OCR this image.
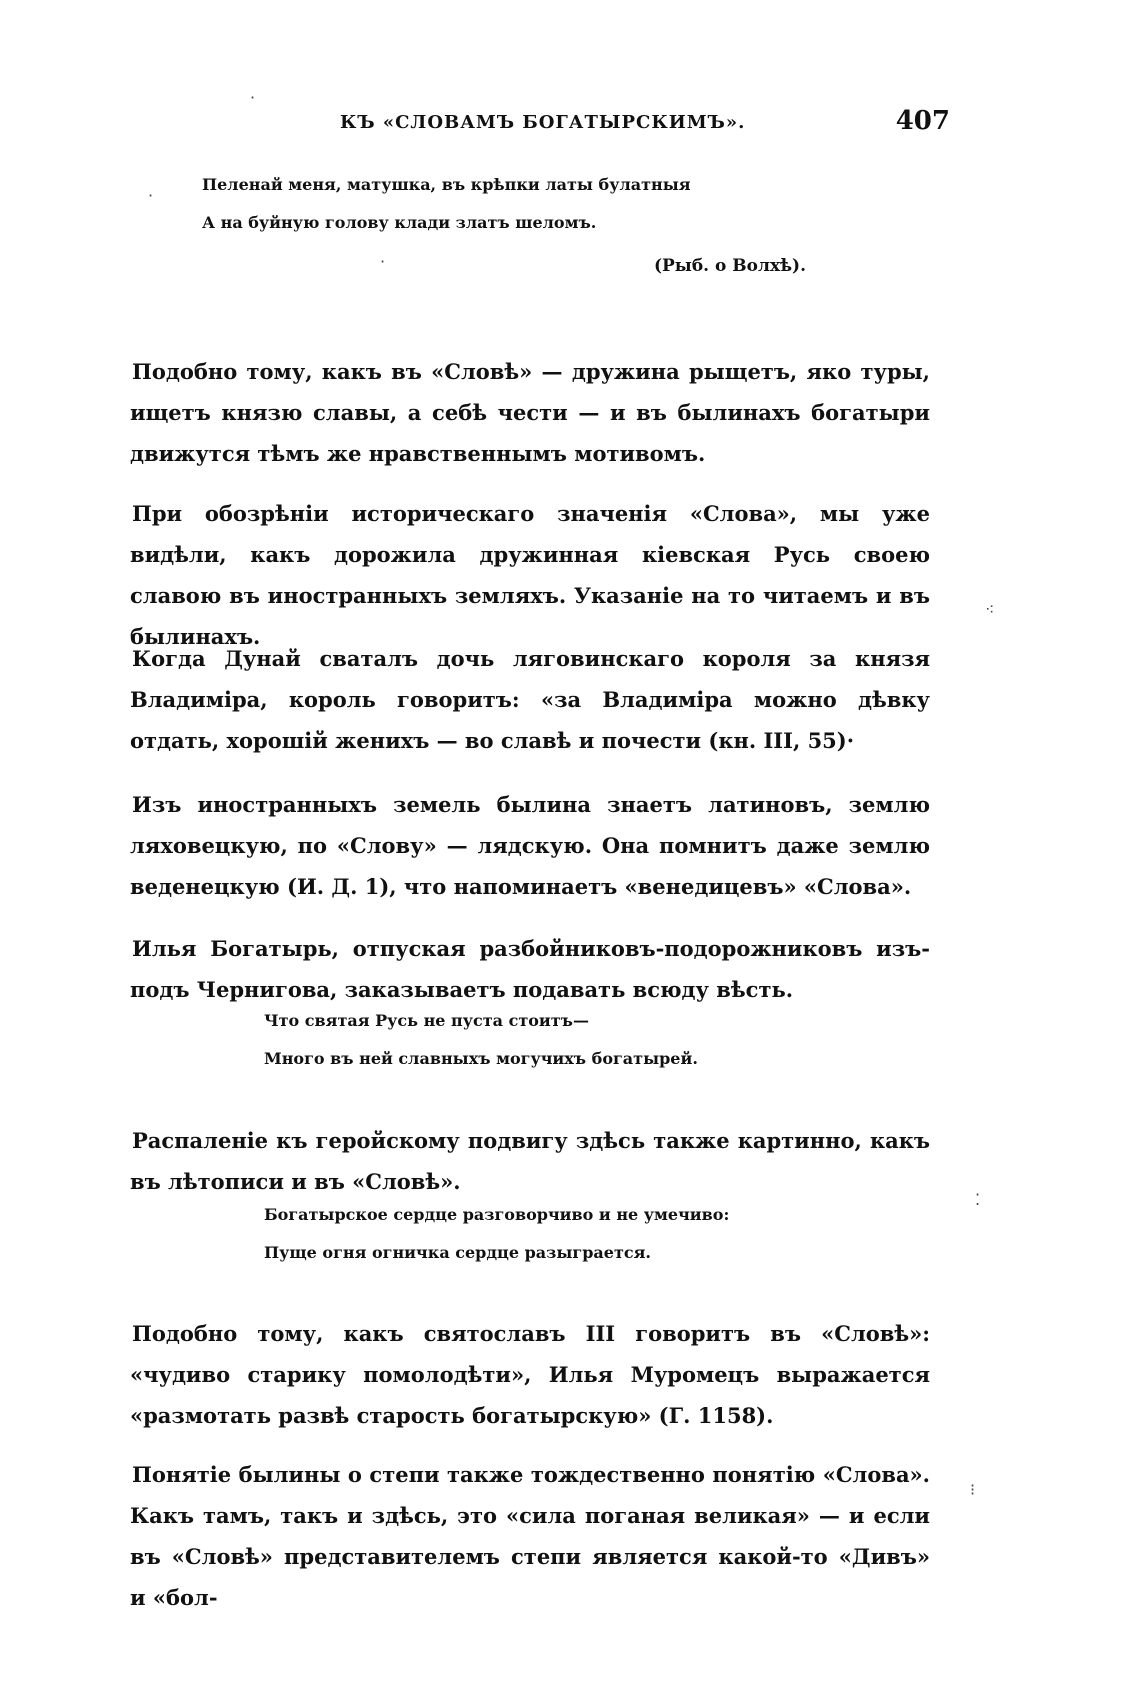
КЪ «СЛОВАМЪ БОГАТЫРСКИМЪ».	407
Пеленай меня, матушка, въ крѣпки латы булатныя
А на буйную голову клади златъ шеломъ.
(Рыб. о Волхѣ).

Подобно тому, какъ въ «Словѣ» — дружина рыщетъ, яко туры, ищетъ князю славы, а себѣ чести — и въ былинахъ богатыри движутся тѣмъ же нравственнымъ мотивомъ.

При обозрѣніи историческаго значенія «Слова», мы уже видѣли, какъ дорожила дружинная кіевская Русь своею славою въ иностранныхъ земляхъ. Указаніе на то читаемъ и въ былинахъ.

Когда Дунай сваталъ дочь ляговинскаго короля за князя Владиміра, король говоритъ: «за Владиміра можно дѣвку отдать, хорошій женихъ — во славѣ и почести (кн. III, 55)·

Изъ иностранныхъ земель былина знаетъ латиновъ, землю ляховецкую, по «Слову» — лядскую. Она помнитъ даже землю веденецкую (И. Д. 1), что напоминаетъ «венедицевъ» «Слова».

Илья Богатырь, отпуская разбойниковъ-подорожниковъ изъ-подъ Чернигова, заказываетъ подавать всюду вѣсть.

Что святая Русь не пуста стоитъ—
Много въ ней славныхъ могучихъ богатырей.

Распаленіе къ геройскому подвигу здѣсь также картинно, какъ въ лѣтописи и въ «Словѣ».

Богатырское сердце разговорчиво и не умечиво:
Пуще огня огничка сердце разыграется.

Подобно тому, какъ святославъ III говоритъ въ «Словѣ»: «чудиво старику помолодѣти», Илья Муромецъ выражается «размотать развѣ старость богатырскую» (Г. 1158).

Понятіе былины о степи также тождественно понятію «Слова». Какъ тамъ, такъ и здѣсь, это «сила поганая великая» — и если въ «Словѣ» представителемъ степи является какой-то «Дивъ» и «бол-

·
·
·
⁖
⁚
⁝
